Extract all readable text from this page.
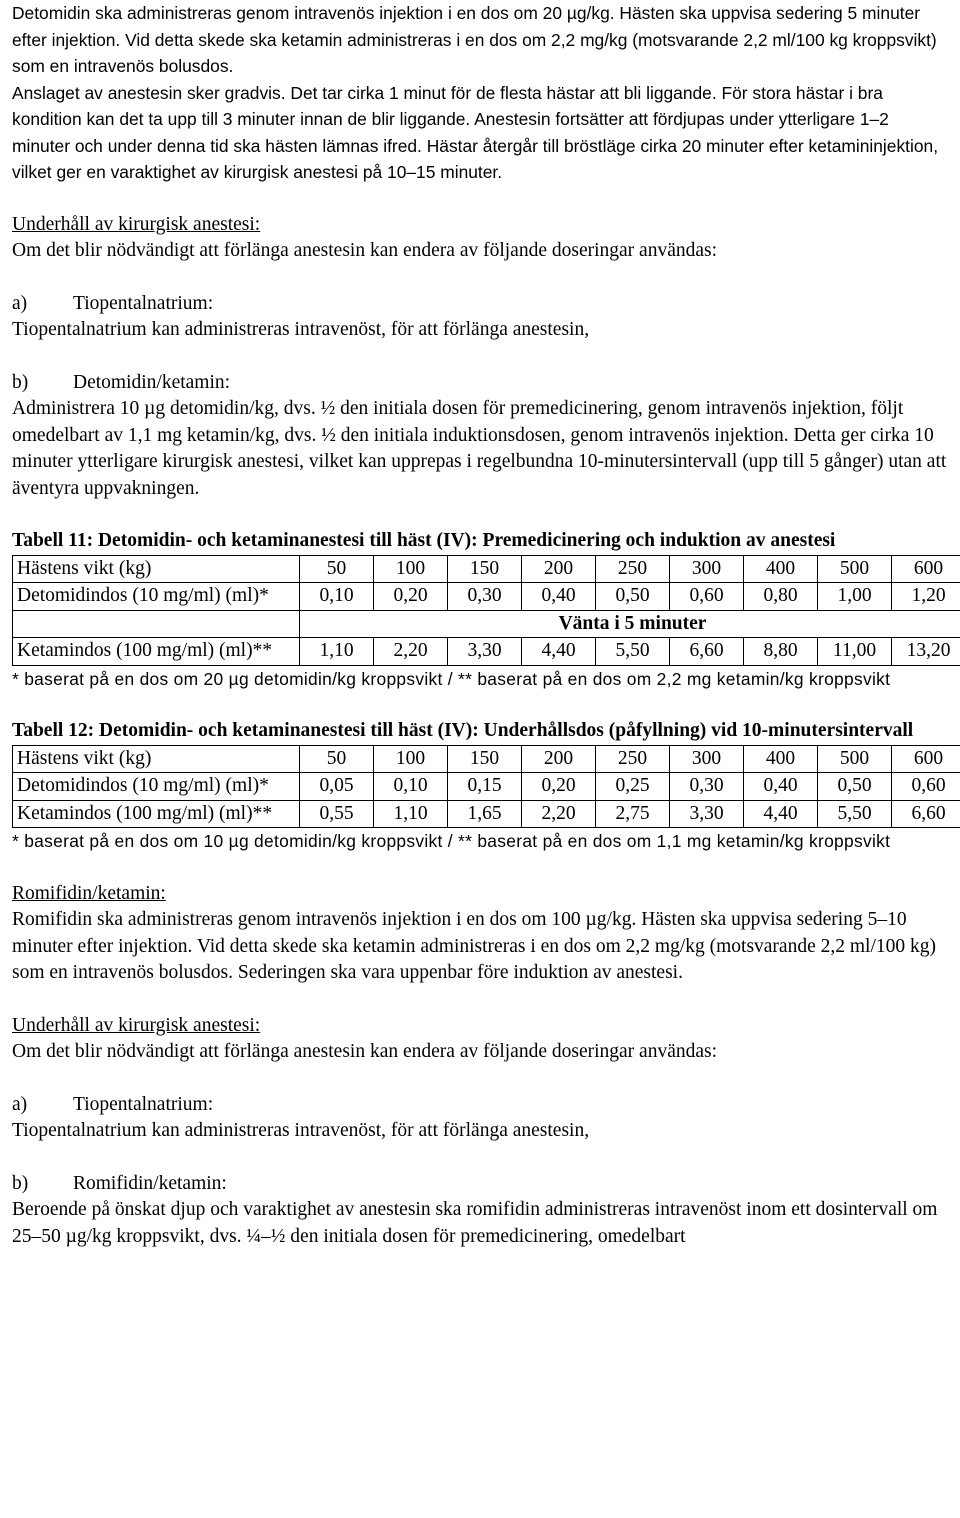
Detomidin ska administreras genom intravenös injektion i en dos om 20 µg/kg. Hästen ska uppvisa sedering 5 minuter efter injektion. Vid detta skede ska ketamin administreras i en dos om 2,2 mg/kg (motsvarande 2,2 ml/100 kg kroppsvikt) som en intravenös bolusdos.

Anslaget av anestesin sker gradvis. Det tar cirka 1 minut för de flesta hästar att bli liggande. För stora hästar i bra kondition kan det ta upp till 3 minuter innan de blir liggande. Anestesin fortsätter att fördjupas under ytterligare 1–2 minuter och under denna tid ska hästen lämnas ifred. Hästar återgår till bröstläge cirka 20 minuter efter ketamininjektion, vilket ger en varaktighet av kirurgisk anestesi på 10–15 minuter.

Underhåll av kirurgisk anestesi:

Om det blir nödvändigt att förlänga anestesin kan endera av följande doseringar användas:

a)	Tiopentalnatrium:

Tiopentalnatrium kan administreras intravenöst, för att förlänga anestesin,

b)	Detomidin/ketamin:

Administrera 10 µg detomidin/kg, dvs. ½ den initiala dosen för premedicinering, genom intravenös injektion, följt omedelbart av 1,1 mg ketamin/kg, dvs. ½ den initiala induktionsdosen, genom intravenös injektion. Detta ger cirka 10 minuter ytterligare kirurgisk anestesi, vilket kan upprepas i regelbundna 10-minutersintervall (upp till 5 gånger) utan att äventyra uppvakningen.

Tabell 11: Detomidin- och ketaminanestesi till häst (IV): Premedicinering och induktion av anestesi
Hästens vikt (kg)	50	100	150	200	250	300	400	500	600
Detomidindos (10 mg/ml) (ml)*	0,10	0,20	0,30	0,40	0,50	0,60	0,80	1,00	1,20
	Vänta i 5 minuter								
Ketamindos (100 mg/ml) (ml)**	1,10	2,20	3,30	4,40	5,50	6,60	8,80	11,00	13,20

* baserat på en dos om 20 µg detomidin/kg kroppsvikt / ** baserat på en dos om 2,2 mg ketamin/kg kroppsvikt

Tabell 12: Detomidin- och ketaminanestesi till häst (IV): Underhållsdos (påfyllning) vid 10-minutersintervall
Hästens vikt (kg)	50	100	150	200	250	300	400	500	600
Detomidindos (10 mg/ml) (ml)*	0,05	0,10	0,15	0,20	0,25	0,30	0,40	0,50	0,60
Ketamindos (100 mg/ml) (ml)**	0,55	1,10	1,65	2,20	2,75	3,30	4,40	5,50	6,60

* baserat på en dos om 10 µg detomidin/kg kroppsvikt / ** baserat på en dos om 1,1 mg ketamin/kg kroppsvikt

Romifidin/ketamin:

Romifidin ska administreras genom intravenös injektion i en dos om 100 µg/kg. Hästen ska uppvisa sedering 5–10 minuter efter injektion. Vid detta skede ska ketamin administreras i en dos om 2,2 mg/kg (motsvarande 2,2 ml/100 kg) som en intravenös bolusdos. Sederingen ska vara uppenbar före induktion av anestesi.

Underhåll av kirurgisk anestesi:

Om det blir nödvändigt att förlänga anestesin kan endera av följande doseringar användas:

a)	Tiopentalnatrium:

Tiopentalnatrium kan administreras intravenöst, för att förlänga anestesin,

b)	Romifidin/ketamin:

Beroende på önskat djup och varaktighet av anestesin ska romifidin administreras intravenöst inom ett dosintervall om 25–50 µg/kg kroppsvikt, dvs. ¼–½ den initiala dosen för premedicinering, omedelbart
